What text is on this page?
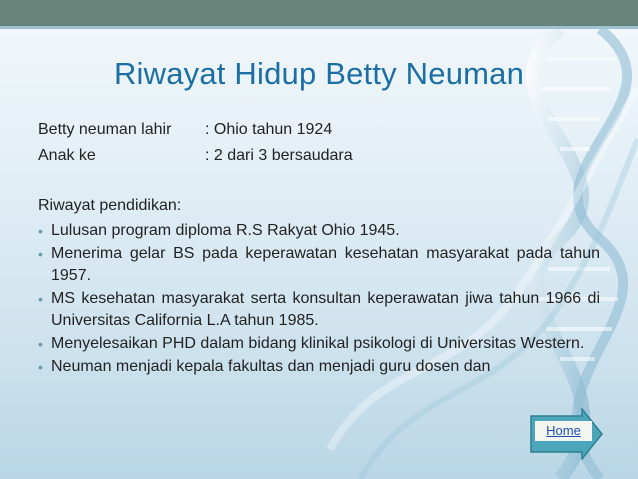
Riwayat Hidup Betty Neuman
Betty neuman lahir : Ohio tahun 1924
Anak ke	: 2 dari 3 bersaudara
Riwayat pendidikan:
• Lulusan program diploma R.S Rakyat Ohio 1945.
• Menerima gelar BS pada keperawatan kesehatan masyarakat pada tahun 1957.
• MS kesehatan masyarakat serta konsultan keperawatan jiwa tahun 1966 di Universitas California L.A tahun 1985.
• Menyelesaikan PHD dalam bidang klinikal psikologi di Universitas Western.
• Neuman menjadi kepala fakultas dan menjadi guru dosen dan
Home
